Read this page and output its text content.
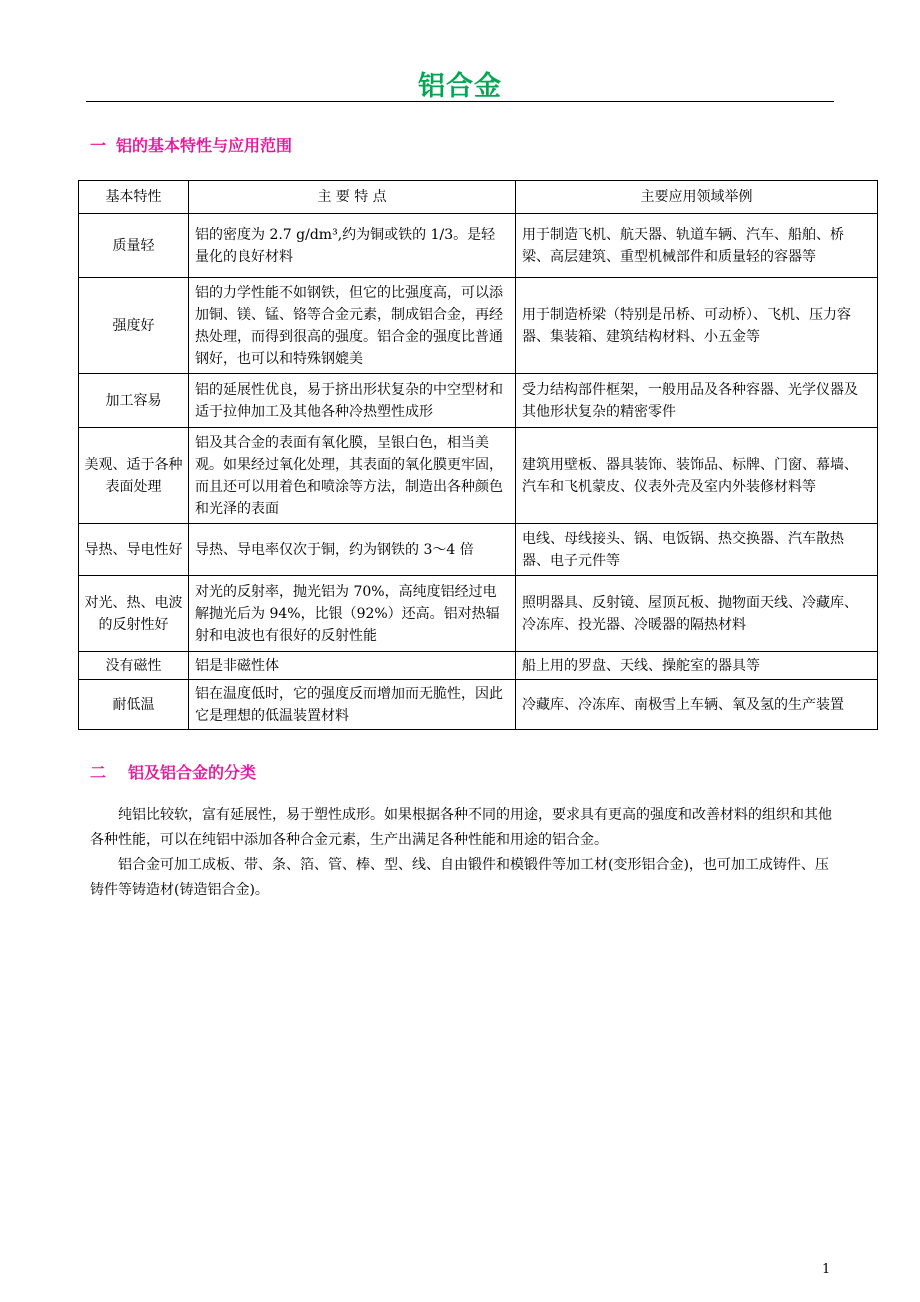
铝合金
一 铝的基本特性与应用范围
基本特性	主 要 特 点	主要应用领域举例
质量轻	铝的密度为 2.7 g/dm³,约为铜或铁的 1/3。是轻量化的良好材料	用于制造飞机、航天器、轨道车辆、汽车、船舶、桥梁、高层建筑、重型机械部件和质量轻的容器等
强度好	铝的力学性能不如钢铁，但它的比强度高，可以添加铜、镁、锰、铬等合金元素，制成铝合金，再经热处理，而得到很高的强度。铝合金的强度比普通钢好，也可以和特殊钢媲美	用于制造桥梁（特别是吊桥、可动桥）、飞机、压力容器、集装箱、建筑结构材料、小五金等
加工容易	铝的延展性优良，易于挤出形状复杂的中空型材和适于拉伸加工及其他各种冷热塑性成形	受力结构部件框架，一般用品及各种容器、光学仪器及其他形状复杂的精密零件
美观、适于各种表面处理	铝及其合金的表面有氧化膜，呈银白色，相当美观。如果经过氧化处理，其表面的氧化膜更牢固，而且还可以用着色和喷涂等方法，制造出各种颜色和光泽的表面	建筑用壁板、器具装饰、装饰品、标牌、门窗、幕墙、汽车和飞机蒙皮、仪表外壳及室内外装修材料等
导热、导电性好	导热、导电率仅次于铜，约为钢铁的 3～4 倍	电线、母线接头、锅、电饭锅、热交换器、汽车散热器、电子元件等
对光、热、电波的反射性好	对光的反射率，抛光铝为 70%，高纯度铝经过电解抛光后为 94%，比银（92%）还高。铝对热辐射和电波也有很好的反射性能	照明器具、反射镜、屋顶瓦板、抛物面天线、冷藏库、冷冻库、投光器、冷暖器的隔热材料
没有磁性	铝是非磁性体	船上用的罗盘、天线、操舵室的器具等
耐低温	铝在温度低时，它的强度反而增加而无脆性，因此它是理想的低温装置材料	冷藏库、冷冻库、南极雪上车辆、氧及氢的生产装置
二 铝及铝合金的分类

纯铝比较软，富有延展性，易于塑性成形。如果根据各种不同的用途，要求具有更高的强度和改善材料的组织和其他各种性能，可以在纯铝中添加各种合金元素，生产出满足各种性能和用途的铝合金。

铝合金可加工成板、带、条、箔、管、棒、型、线、自由锻件和模锻件等加工材(变形铝合金)，也可加工成铸件、压铸件等铸造材(铸造铝合金)。

1
